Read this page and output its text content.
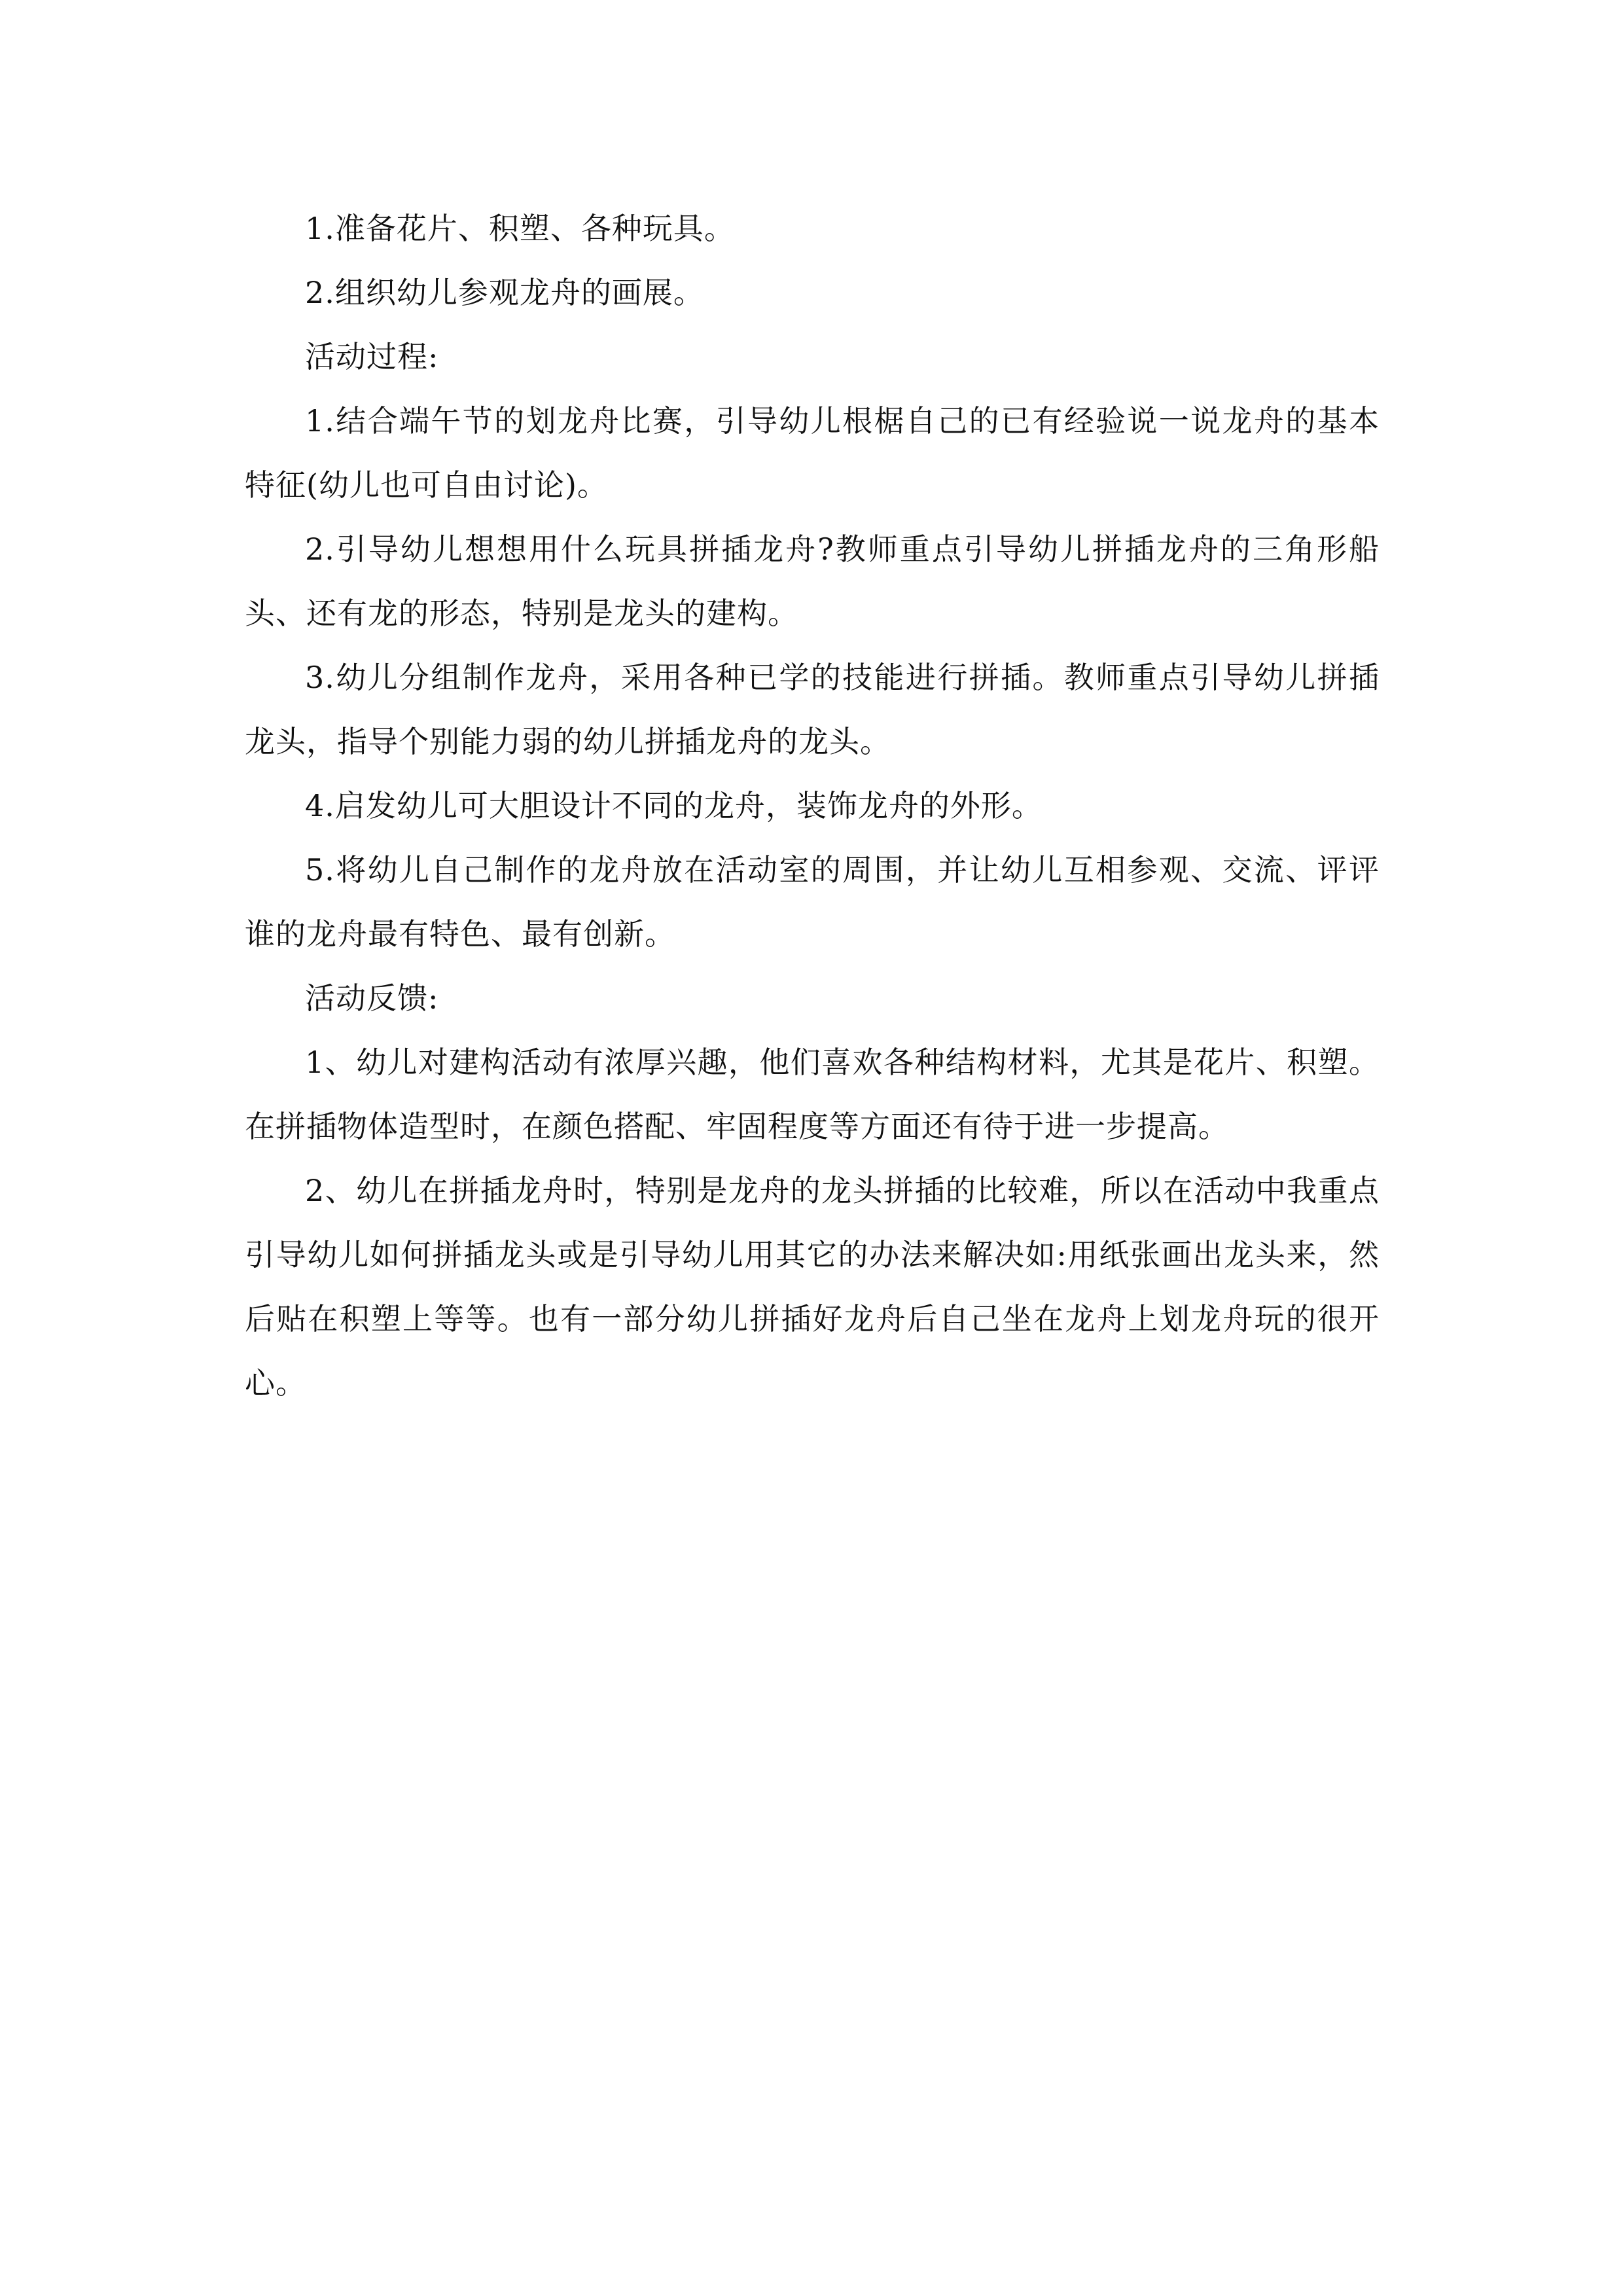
1.准备花片、积塑、各种玩具。

2.组织幼儿参观龙舟的画展。

活动过程:

1.结合端午节的划龙舟比赛，引导幼儿根椐自己的已有经验说一说龙舟的基本特征(幼儿也可自由讨论)。

2.引导幼儿想想用什么玩具拼插龙舟?教师重点引导幼儿拼插龙舟的三角形船头、还有龙的形态，特别是龙头的建构。

3.幼儿分组制作龙舟，采用各种已学的技能进行拼插。教师重点引导幼儿拼插龙头，指导个别能力弱的幼儿拼插龙舟的龙头。

4.启发幼儿可大胆设计不同的龙舟，装饰龙舟的外形。

5.将幼儿自己制作的龙舟放在活动室的周围，并让幼儿互相参观、交流、评评谁的龙舟最有特色、最有创新。

活动反馈:

1、幼儿对建构活动有浓厚兴趣，他们喜欢各种结构材料，尤其是花片、积塑。在拼插物体造型时，在颜色搭配、牢固程度等方面还有待于进一步提高。

2、幼儿在拼插龙舟时，特别是龙舟的龙头拼插的比较难，所以在活动中我重点引导幼儿如何拼插龙头或是引导幼儿用其它的办法来解决如:用纸张画出龙头来，然后贴在积塑上等等。也有一部分幼儿拼插好龙舟后自己坐在龙舟上划龙舟玩的很开心。
